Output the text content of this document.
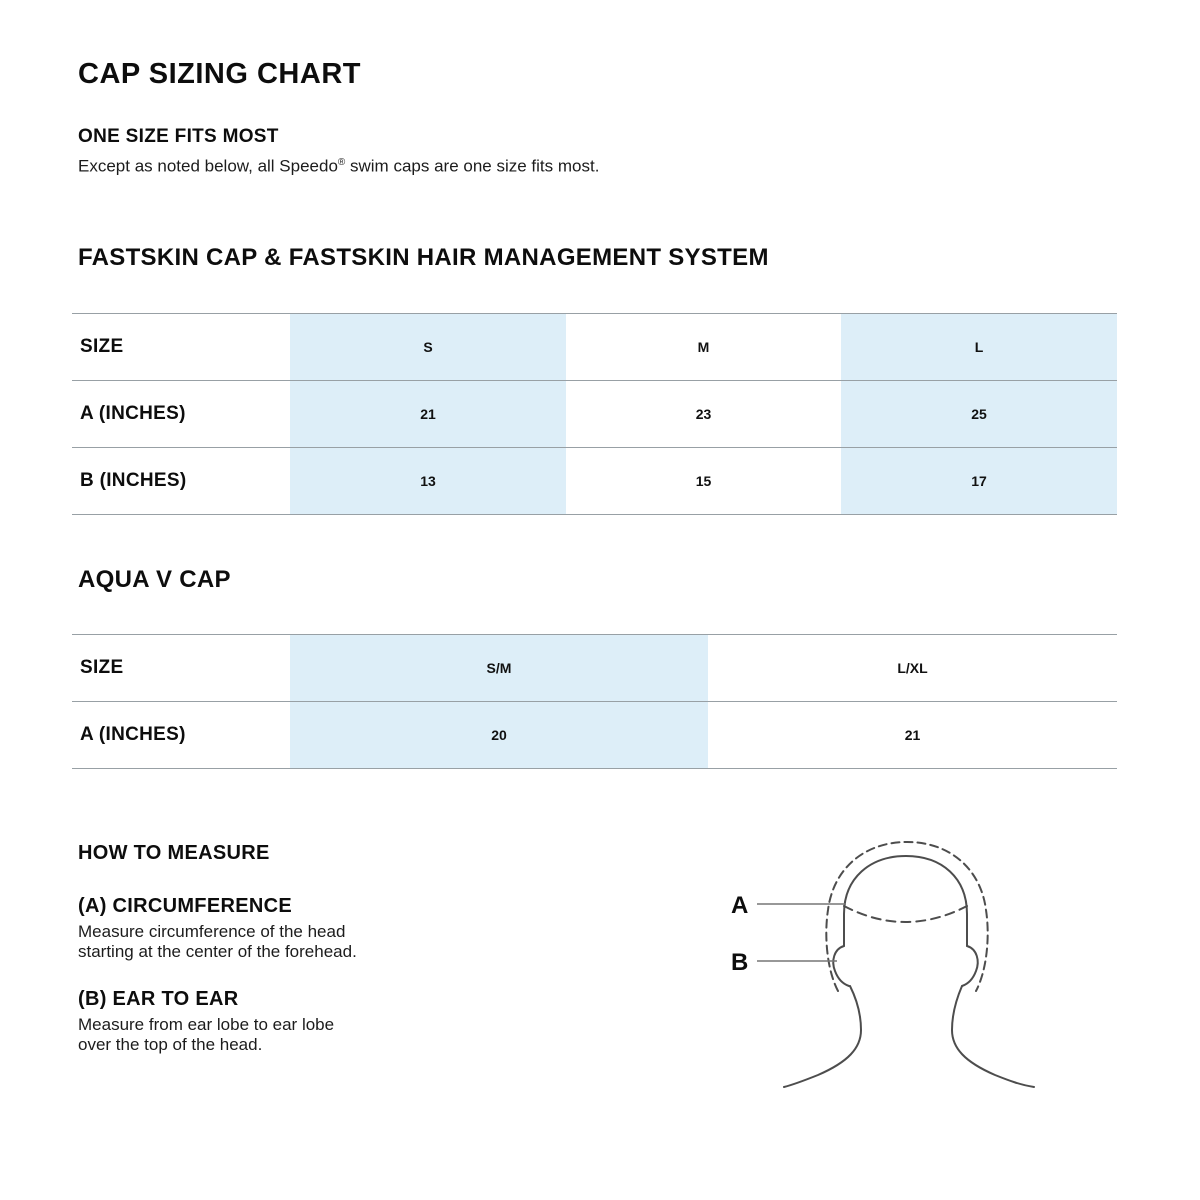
CAP SIZING CHART
ONE SIZE FITS MOST
Except as noted below, all Speedo® swim caps are one size fits most.
FASTSKIN CAP & FASTSKIN HAIR MANAGEMENT SYSTEM
SIZE	S	M	L
A (INCHES)	21	23	25
B (INCHES)	13	15	17
AQUA V CAP
SIZE	S/M	L/XL
A (INCHES)	20	21
HOW TO MEASURE
(A) CIRCUMFERENCE
Measure circumference of the head
starting at the center of the forehead.
(B) EAR TO EAR
Measure from ear lobe to ear lobe
over the top of the head.
A
B
